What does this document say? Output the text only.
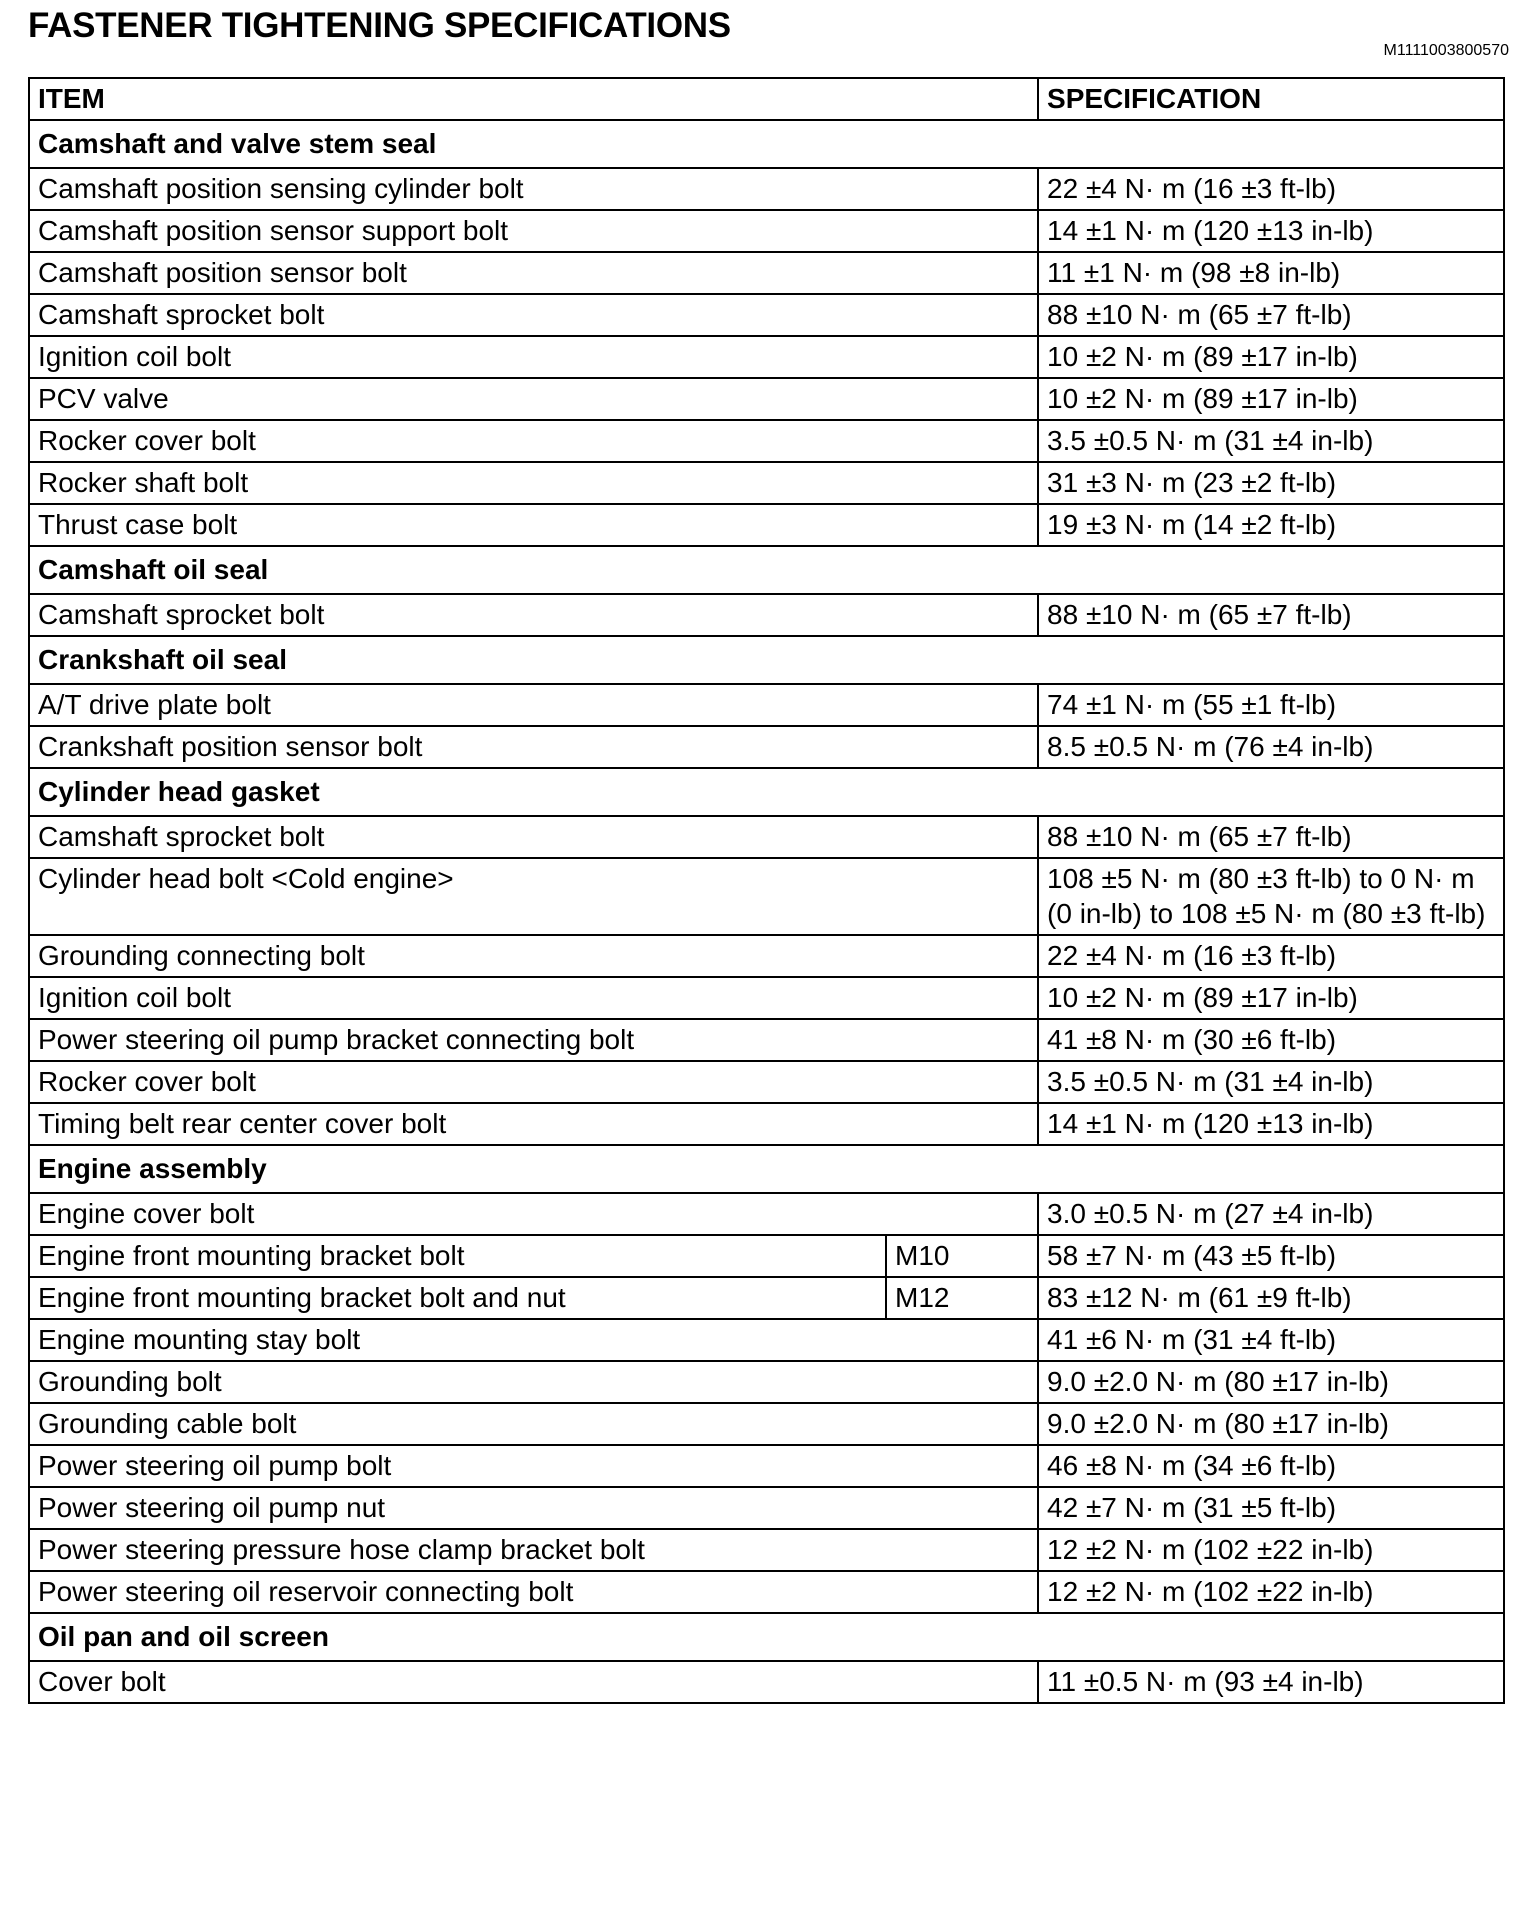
FASTENER TIGHTENING SPECIFICATIONS
M1111003800570
ITEM		SPECIFICATION
Camshaft and valve stem seal		
Camshaft position sensing cylinder bolt		22 ±4 N· m (16 ±3 ft-lb)
Camshaft position sensor support bolt		14 ±1 N· m (120 ±13 in-lb)
Camshaft position sensor bolt		11 ±1 N· m (98 ±8 in-lb)
Camshaft sprocket bolt		88 ±10 N· m (65 ±7 ft-lb)
Ignition coil bolt		10 ±2 N· m (89 ±17 in-lb)
PCV valve		10 ±2 N· m (89 ±17 in-lb)
Rocker cover bolt		3.5 ±0.5 N· m (31 ±4 in-lb)
Rocker shaft bolt		31 ±3 N· m (23 ±2 ft-lb)
Thrust case bolt		19 ±3 N· m (14 ±2 ft-lb)
Camshaft oil seal		
Camshaft sprocket bolt		88 ±10 N· m (65 ±7 ft-lb)
Crankshaft oil seal		
A/T drive plate bolt		74 ±1 N· m (55 ±1 ft-lb)
Crankshaft position sensor bolt		8.5 ±0.5 N· m (76 ±4 in-lb)
Cylinder head gasket		
Camshaft sprocket bolt		88 ±10 N· m (65 ±7 ft-lb)
Cylinder head bolt <Cold engine>		108 ±5 N· m (80 ±3 ft-lb) to 0 N· m (0 in-lb) to 108 ±5 N· m (80 ±3 ft-lb)
Grounding connecting bolt		22 ±4 N· m (16 ±3 ft-lb)
Ignition coil bolt		10 ±2 N· m (89 ±17 in-lb)
Power steering oil pump bracket connecting bolt		41 ±8 N· m (30 ±6 ft-lb)
Rocker cover bolt		3.5 ±0.5 N· m (31 ±4 in-lb)
Timing belt rear center cover bolt		14 ±1 N· m (120 ±13 in-lb)
Engine assembly		
Engine cover bolt		3.0 ±0.5 N· m (27 ±4 in-lb)
Engine front mounting bracket bolt	M10	58 ±7 N· m (43 ±5 ft-lb)
Engine front mounting bracket bolt and nut	M12	83 ±12 N· m (61 ±9 ft-lb)
Engine mounting stay bolt		41 ±6 N· m (31 ±4 ft-lb)
Grounding bolt		9.0 ±2.0 N· m (80 ±17 in-lb)
Grounding cable bolt		9.0 ±2.0 N· m (80 ±17 in-lb)
Power steering oil pump bolt		46 ±8 N· m (34 ±6 ft-lb)
Power steering oil pump nut		42 ±7 N· m (31 ±5 ft-lb)
Power steering pressure hose clamp bracket bolt		12 ±2 N· m (102 ±22 in-lb)
Power steering oil reservoir connecting bolt		12 ±2 N· m (102 ±22 in-lb)
Oil pan and oil screen		
Cover bolt		11 ±0.5 N· m (93 ±4 in-lb)
